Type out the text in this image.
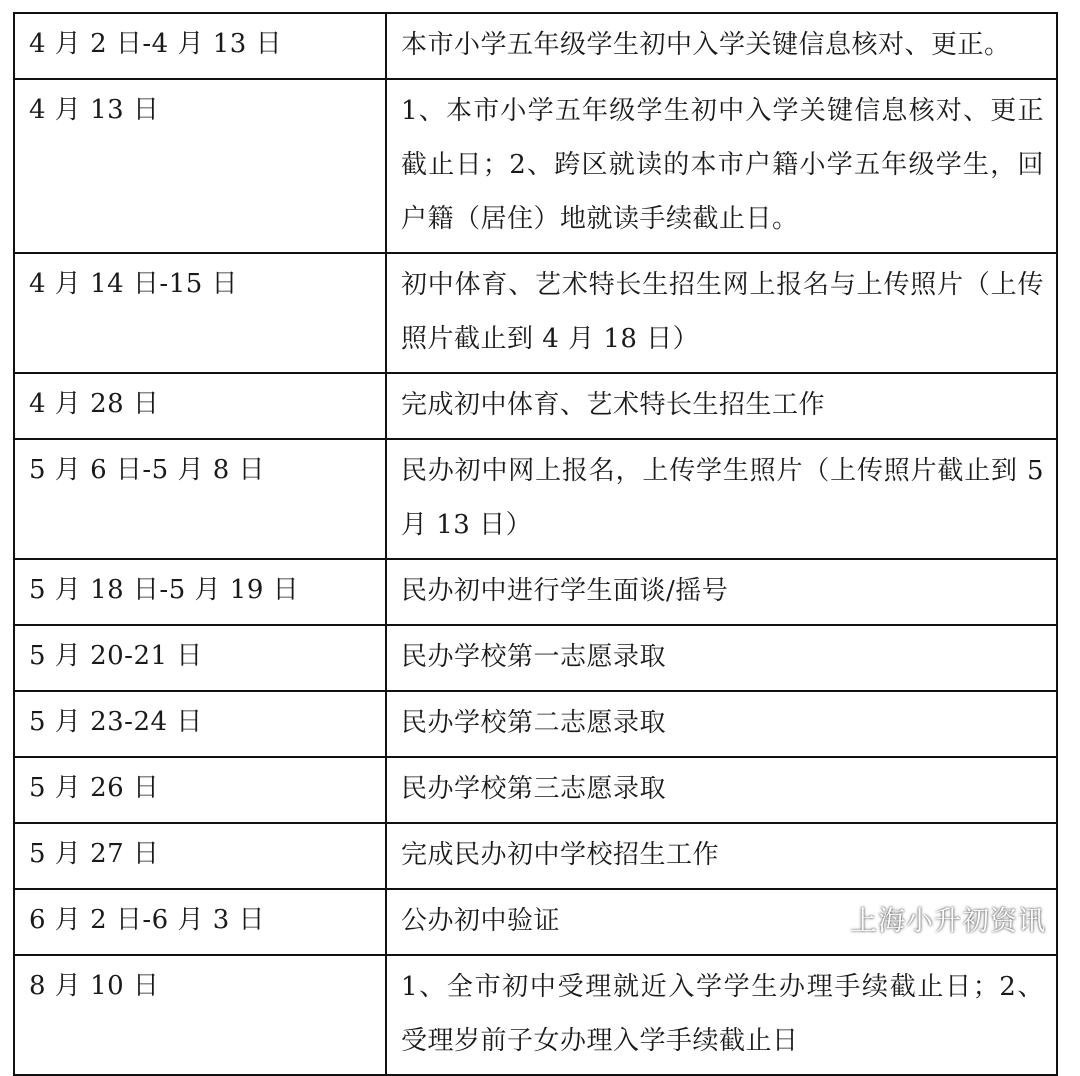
4 月 2 日-4 月 13 日	本市小学五年级学生初中入学关键信息核对、更正。
4 月 13 日	1、本市小学五年级学生初中入学关键信息核对、更正截止日；2、跨区就读的本市户籍小学五年级学生，回户籍（居住）地就读手续截止日。
4 月 14 日-15 日	初中体育、艺术特长生招生网上报名与上传照片（上传照片截止到 4 月 18 日）
4 月 28 日	完成初中体育、艺术特长生招生工作
5 月 6 日-5 月 8 日	民办初中网上报名，上传学生照片（上传照片截止到 5 月 13 日）
5 月 18 日-5 月 19 日	民办初中进行学生面谈/摇号
5 月 20-21 日	民办学校第一志愿录取
5 月 23-24 日	民办学校第二志愿录取
5 月 26 日	民办学校第三志愿录取
5 月 27 日	完成民办初中学校招生工作
6 月 2 日-6 月 3 日	公办初中验证
8 月 10 日	1、全市初中受理就近入学学生办理手续截止日；2、受理岁前子女办理入学手续截止日
上海小升初资讯
